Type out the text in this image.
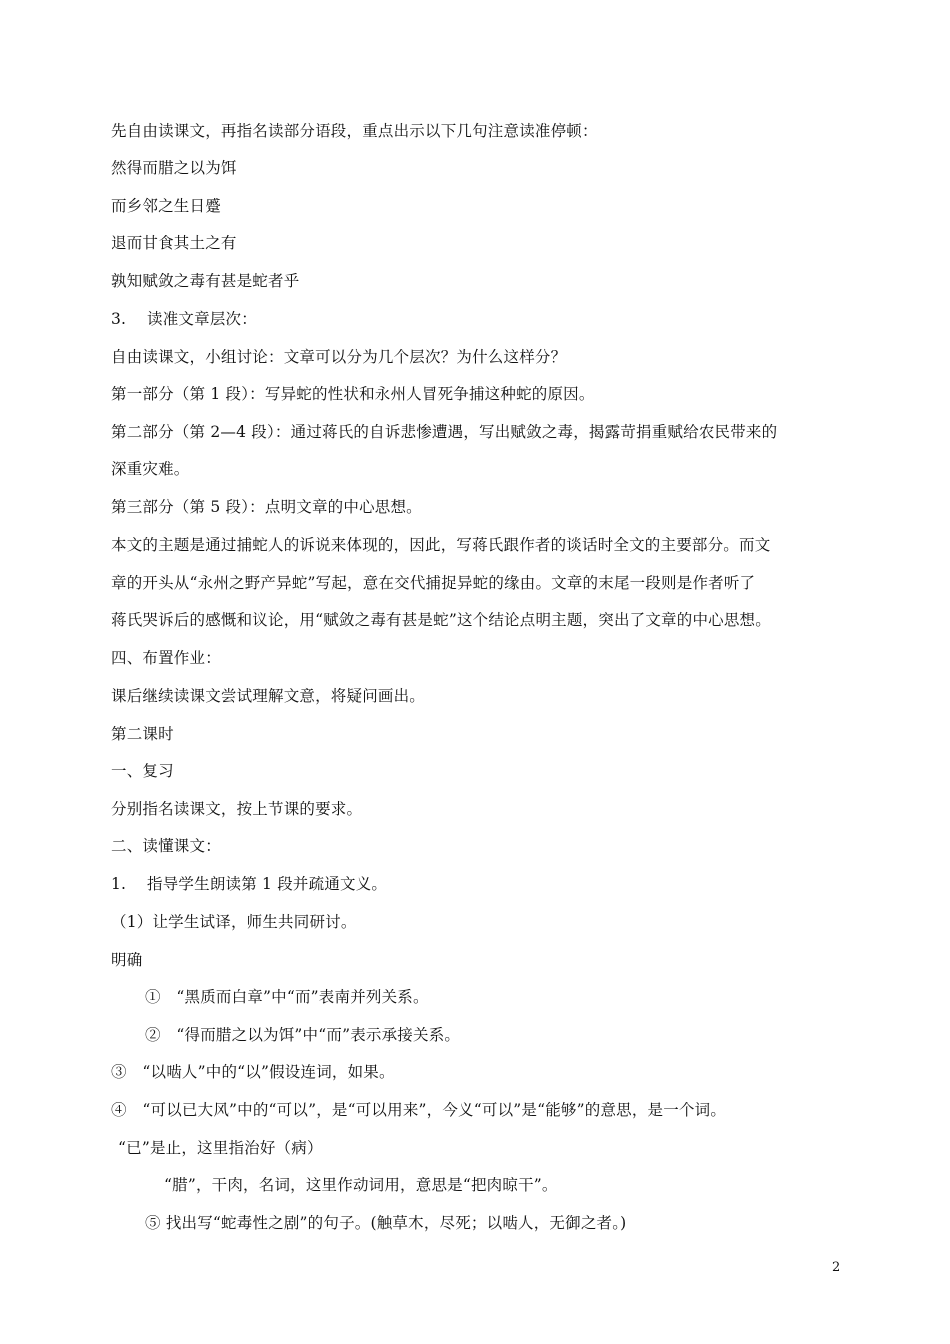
先自由读课文，再指名读部分语段，重点出示以下几句注意读准停顿：
然得而腊之以为饵
而乡邻之生日蹙
退而甘食其土之有
孰知赋敛之毒有甚是蛇者乎
3.　 读准文章层次：
自由读课文，小组讨论：文章可以分为几个层次？为什么这样分？
第一部分（第 1 段）：写异蛇的性状和永州人冒死争捕这种蛇的原因。
第二部分（第 2—4 段）：通过蒋氏的自诉悲惨遭遇，写出赋敛之毒，揭露苛捐重赋给农民带来的
深重灾难。
第三部分（第 5 段）：点明文章的中心思想。
本文的主题是通过捕蛇人的诉说来体现的，因此，写蒋氏跟作者的谈话时全文的主要部分。而文
章的开头从“永州之野产异蛇”写起，意在交代捕捉异蛇的缘由。文章的末尾一段则是作者听了
蒋氏哭诉后的感慨和议论，用“赋敛之毒有甚是蛇”这个结论点明主题，突出了文章的中心思想。
四、布置作业：
课后继续读课文尝试理解文意，将疑问画出。
第二课时
一、复习
分别指名读课文，按上节课的要求。
二、读懂课文：
1.　 指导学生朗读第 1 段并疏通文义。
（1）让学生试译，师生共同研讨。
明确
①　“黑质而白章”中“而”表南并列关系。
②　“得而腊之以为饵”中“而”表示承接关系。
③　“以啮人”中的“以”假设连词，如果。
④　“可以已大风”中的“可以”，是“可以用来”，今义“可以”是“能够”的意思，是一个词。
“已”是止，这里指治好（病）
“腊”，干肉，名词，这里作动词用，意思是“把肉晾干”。
⑤ 找出写“蛇毒性之剧”的句子。(触草木，尽死；以啮人，无御之者。)
2
